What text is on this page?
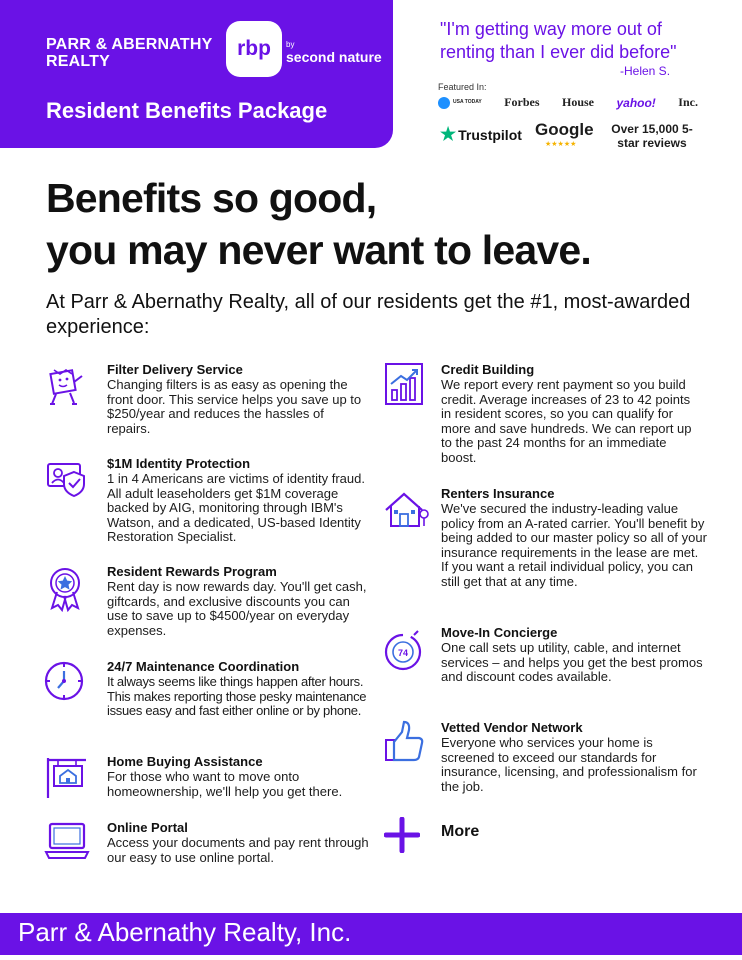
PARR & ABERNATHY REALTY
rbp by
second nature
Resident Benefits Package
"I'm getting way more out of renting than I ever did before"
-Helen S.
Featured In:
USA TODAY Forbes House yahoo! Inc.
★ Trustpilot Google
★★★★★
Over 15,000 5-star reviews
Benefits so good,
you may never want to leave.
At Parr & Abernathy Realty, all of our residents get the #1, most-awarded experience:
Filter Delivery Service
Changing filters is as easy as opening the front door. This service helps you save up to $250/year and reduces the hassles of repairs.
$1M Identity Protection
1 in 4 Americans are victims of identity fraud. All adult leaseholders get $1M coverage backed by AIG, monitoring through IBM's Watson, and a dedicated, US-based Identity Restoration Specialist.
Resident Rewards Program
Rent day is now rewards day. You'll get cash, giftcards, and exclusive discounts you can use to save up to $4500/year on everyday expenses.
24/7 Maintenance Coordination
It always seems like things happen after hours. This makes reporting those pesky maintenance issues easy and fast either online or by phone.
Home Buying Assistance
For those who want to move onto homeownership, we'll help you get there.
Online Portal
Access your documents and pay rent through our easy to use online portal.
Credit Building
We report every rent payment so you build credit. Average increases of 23 to 42 points in resident scores, so you can qualify for more and save hundreds. We can report up to the past 24 months for an immediate boost.
Renters Insurance
We've secured the industry-leading value policy from an A-rated carrier. You'll benefit by being added to our master policy so all of your insurance requirements in the lease are met. If you want a retail individual policy, you can still get that at any time.
74
Move-In Concierge
One call sets up utility, cable, and internet services – and helps you get the best promos and discount codes available.
Vetted Vendor Network
Everyone who services your home is screened to exceed our standards for insurance, licensing, and professionalism for the job.
More
Parr & Abernathy Realty, Inc.
